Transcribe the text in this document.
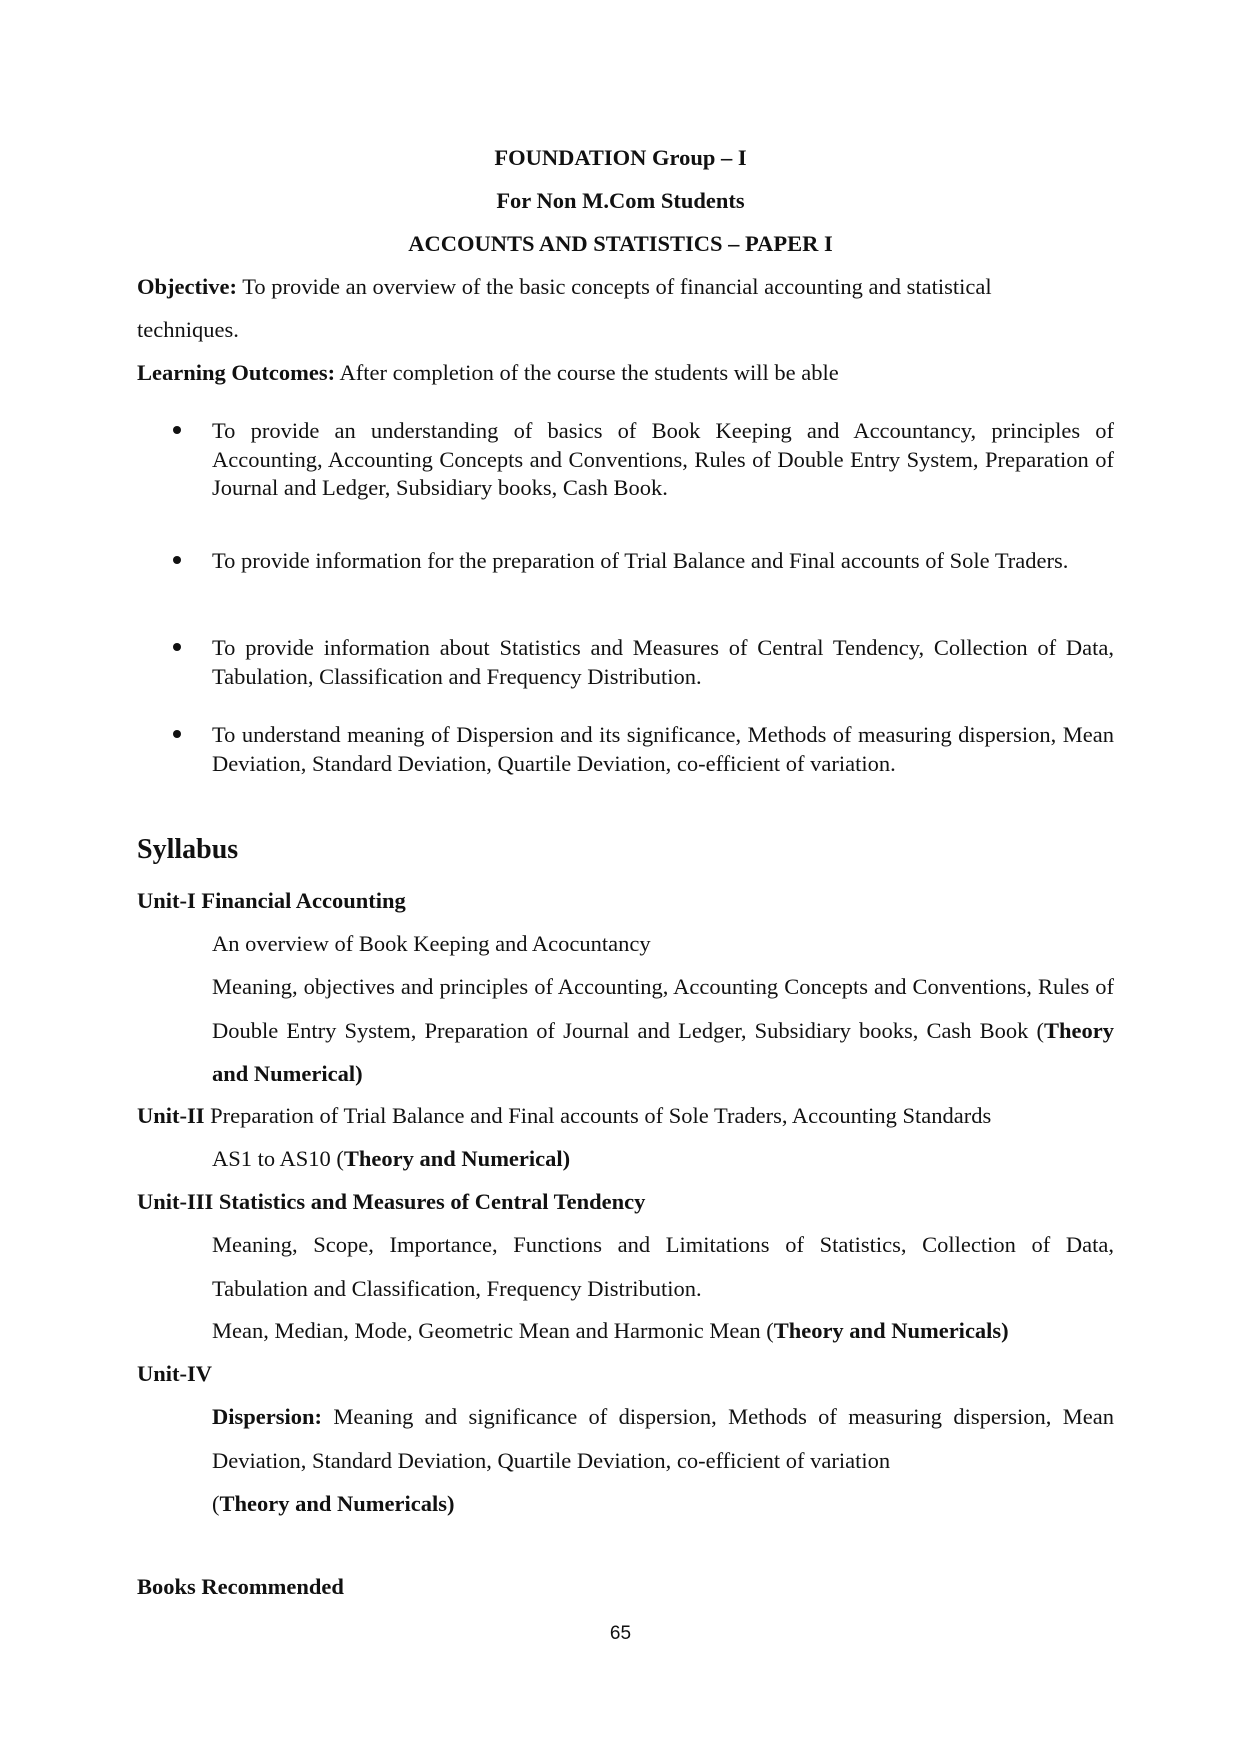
FOUNDATION Group – I
For Non M.Com Students
ACCOUNTS AND STATISTICS – PAPER I
Objective: To provide an overview of the basic concepts of financial accounting and statistical
techniques.
Learning Outcomes: After completion of the course the students will be able
To provide an understanding of basics of Book Keeping and Accountancy, principles of Accounting, Accounting Concepts and Conventions, Rules of Double Entry System, Preparation of Journal and Ledger, Subsidiary books, Cash Book.
To provide information for the preparation of Trial Balance and Final accounts of Sole Traders.
To provide information about Statistics and Measures of Central Tendency, Collection of Data, Tabulation, Classification and Frequency Distribution.
To understand meaning of Dispersion and its significance, Methods of measuring dispersion, Mean Deviation, Standard Deviation, Quartile Deviation, co-efficient of variation.
Syllabus
Unit-I Financial Accounting
An overview of Book Keeping and Acocuntancy
Meaning, objectives and principles of Accounting, Accounting Concepts and Conventions, Rules of Double Entry System, Preparation of Journal and Ledger, Subsidiary books, Cash Book (Theory and Numerical)
Unit-II Preparation of Trial Balance and Final accounts of Sole Traders, Accounting Standards
AS1 to AS10 (Theory and Numerical)
Unit-III Statistics and Measures of Central Tendency
Meaning, Scope, Importance, Functions and Limitations of Statistics, Collection of Data, Tabulation and Classification, Frequency Distribution.
Mean, Median, Mode, Geometric Mean and Harmonic Mean (Theory and Numericals)
Unit-IV
Dispersion: Meaning and significance of dispersion, Methods of measuring dispersion, Mean Deviation, Standard Deviation, Quartile Deviation, co-efficient of variation
(Theory and Numericals)
Books Recommended
65
